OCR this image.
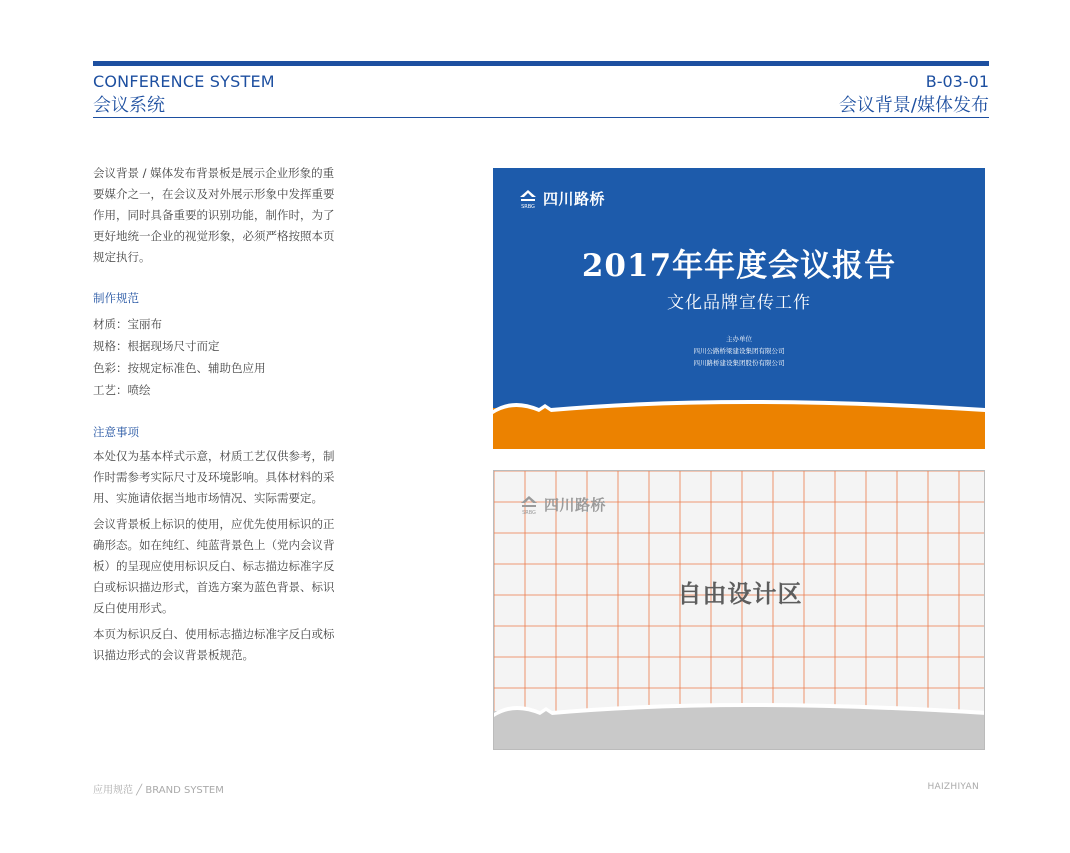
CONFERENCE SYSTEM
会议系统
B-03-01
会议背景/媒体发布
会议背景 / 媒体发布背景板是展示企业形象的重要媒介之一，在会议及对外展示形象中发挥重要作用，同时具备重要的识别功能，制作时，为了更好地统一企业的视觉形象，必须严格按照本页规定执行。
制作规范
材质：宝丽布
规格：根据现场尺寸而定
色彩：按规定标准色、辅助色应用
工艺：喷绘
注意事项

本处仅为基本样式示意，材质工艺仅供参考，制作时需参考实际尺寸及环境影响。具体材料的采用、实施请依据当地市场情况、实际需要定。

会议背景板上标识的使用，应优先使用标识的正确形态。如在纯红、纯蓝背景色上（党内会议背板）的呈现应使用标识反白、标志描边标准字反白或标识描边形式，首选方案为蓝色背景、标识反白使用形式。

本页为标识反白、使用标志描边标准字反白或标识描边形式的会议背景板规范。

SRBG 四川路桥
2017年年度会议报告
文化品牌宣传工作
主办单位
四川公路桥梁建设集团有限公司
四川路桥建设集团股份有限公司
SRBG 四川路桥
自由设计区
应用规范 ╱ BRAND SYSTEM	HAIZHIYAN
